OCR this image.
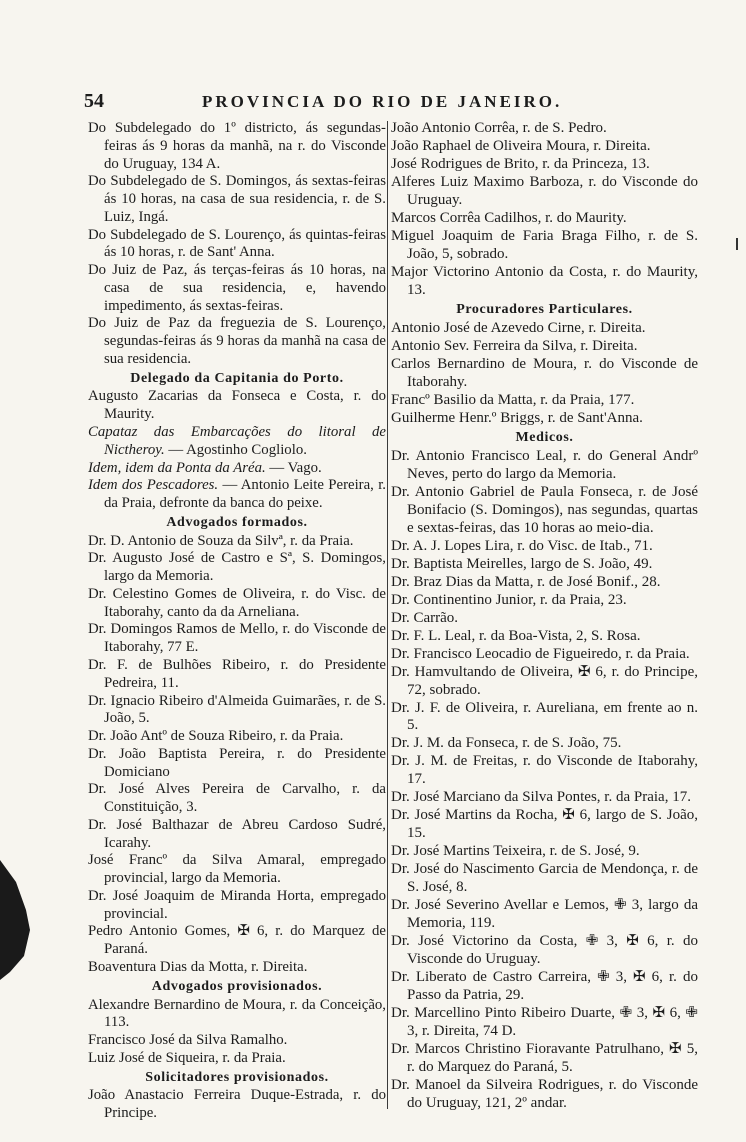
54	PROVINCIA DO RIO DE JANEIRO.

Do Subdelegado do 1º districto, ás segundas-feiras ás 9 horas da manhã, na r. do Visconde do Uruguay, 134 A.

Do Subdelegado de S. Domingos, ás sextas-feiras ás 10 horas, na casa de sua residencia, r. de S. Luiz, Ingá.

Do Subdelegado de S. Lourenço, ás quintas-feiras ás 10 horas, r. de Sant' Anna.

Do Juiz de Paz, ás terças-feiras ás 10 horas, na casa de sua residencia, e, havendo impedimento, ás sextas-feiras.

Do Juiz de Paz da freguezia de S. Lourenço, segundas-feiras ás 9 horas da manhã na casa de sua residencia.

Delegado da Capitania do Porto.

Augusto Zacarias da Fonseca e Costa, r. do Maurity.

Capataz das Embarcações do litoral de Nictheroy. — Agostinho Cogliolo.

Idem, idem da Ponta da Aréa. — Vago.

Idem dos Pescadores. — Antonio Leite Pereira, r. da Praia, defronte da banca do peixe.

Advogados formados.

Dr. D. Antonio de Souza da Silvª, r. da Praia.

Dr. Augusto José de Castro e Sª, S. Domingos, largo da Memoria.

Dr. Celestino Gomes de Oliveira, r. do Visc. de Itaborahy, canto da da Arneliana.

Dr. Domingos Ramos de Mello, r. do Visconde de Itaborahy, 77 E.

Dr. F. de Bulhões Ribeiro, r. do Presidente Pedreira, 11.

Dr. Ignacio Ribeiro d'Almeida Guimarães, r. de S. João, 5.

Dr. João Antº de Souza Ribeiro, r. da Praia.

Dr. João Baptista Pereira, r. do Presidente Domiciano

Dr. José Alves Pereira de Carvalho, r. da Constituição, 3.

Dr. José Balthazar de Abreu Cardoso Sudré, Icarahy.

José Francº da Silva Amaral, empregado provincial, largo da Memoria.

Dr. José Joaquim de Miranda Horta, empregado provincial.

Pedro Antonio Gomes, ✠ 6, r. do Marquez de Paraná.

Boaventura Dias da Motta, r. Direita.

Advogados provisionados.

Alexandre Bernardino de Moura, r. da Conceição, 113.

Francisco José da Silva Ramalho.

Luiz José de Siqueira, r. da Praia.

Solicitadores provisionados.

João Anastacio Ferreira Duque-Estrada, r. do Principe.

João Antonio Corrêa, r. de S. Pedro.

João Raphael de Oliveira Moura, r. Direita.

José Rodrigues de Brito, r. da Princeza, 13.

Alferes Luiz Maximo Barboza, r. do Visconde do Uruguay.

Marcos Corrêa Cadilhos, r. do Maurity.

Miguel Joaquim de Faria Braga Filho, r. de S. João, 5, sobrado.

Major Victorino Antonio da Costa, r. do Maurity, 13.

Procuradores Particulares.

Antonio José de Azevedo Cirne, r. Direita.

Antonio Sev. Ferreira da Silva, r. Direita.

Carlos Bernardino de Moura, r. do Visconde de Itaborahy.

Francº Basilio da Matta, r. da Praia, 177.

Guilherme Henr.º Briggs, r. de Sant'Anna.

Medicos.

Dr. Antonio Francisco Leal, r. do General Andrº Neves, perto do largo da Memoria.

Dr. Antonio Gabriel de Paula Fonseca, r. de José Bonifacio (S. Domingos), nas segundas, quartas e sextas-feiras, das 10 horas ao meio-dia.

Dr. A. J. Lopes Lira, r. do Visc. de Itab., 71.

Dr. Baptista Meirelles, largo de S. João, 49.

Dr. Braz Dias da Matta, r. de José Bonif., 28.

Dr. Continentino Junior, r. da Praia, 23.

Dr. Carrão.

Dr. F. L. Leal, r. da Boa-Vista, 2, S. Rosa.

Dr. Francisco Leocadio de Figueiredo, r. da Praia.

Dr. Hamvultando de Oliveira, ✠ 6, r. do Principe, 72, sobrado.

Dr. J. F. de Oliveira, r. Aureliana, em frente ao n. 5.

Dr. J. M. da Fonseca, r. de S. João, 75.

Dr. J. M. de Freitas, r. do Visconde de Itaborahy, 17.

Dr. José Marciano da Silva Pontes, r. da Praia, 17.

Dr. José Martins da Rocha, ✠ 6, largo de S. João, 15.

Dr. José Martins Teixeira, r. de S. José, 9.

Dr. José do Nascimento Garcia de Mendonça, r. de S. José, 8.

Dr. José Severino Avellar e Lemos, ✙ 3, largo da Memoria, 119.

Dr. José Victorino da Costa, ✙ 3, ✠ 6, r. do Visconde do Uruguay.

Dr. Liberato de Castro Carreira, ✙ 3, ✠ 6, r. do Passo da Patria, 29.

Dr. Marcellino Pinto Ribeiro Duarte, ✙ 3, ✠ 6, ✙ 3, r. Direita, 74 D.

Dr. Marcos Christino Fioravante Patrulhano, ✠ 5, r. do Marquez do Paraná, 5.

Dr. Manoel da Silveira Rodrigues, r. do Visconde do Uruguay, 121, 2º andar.
